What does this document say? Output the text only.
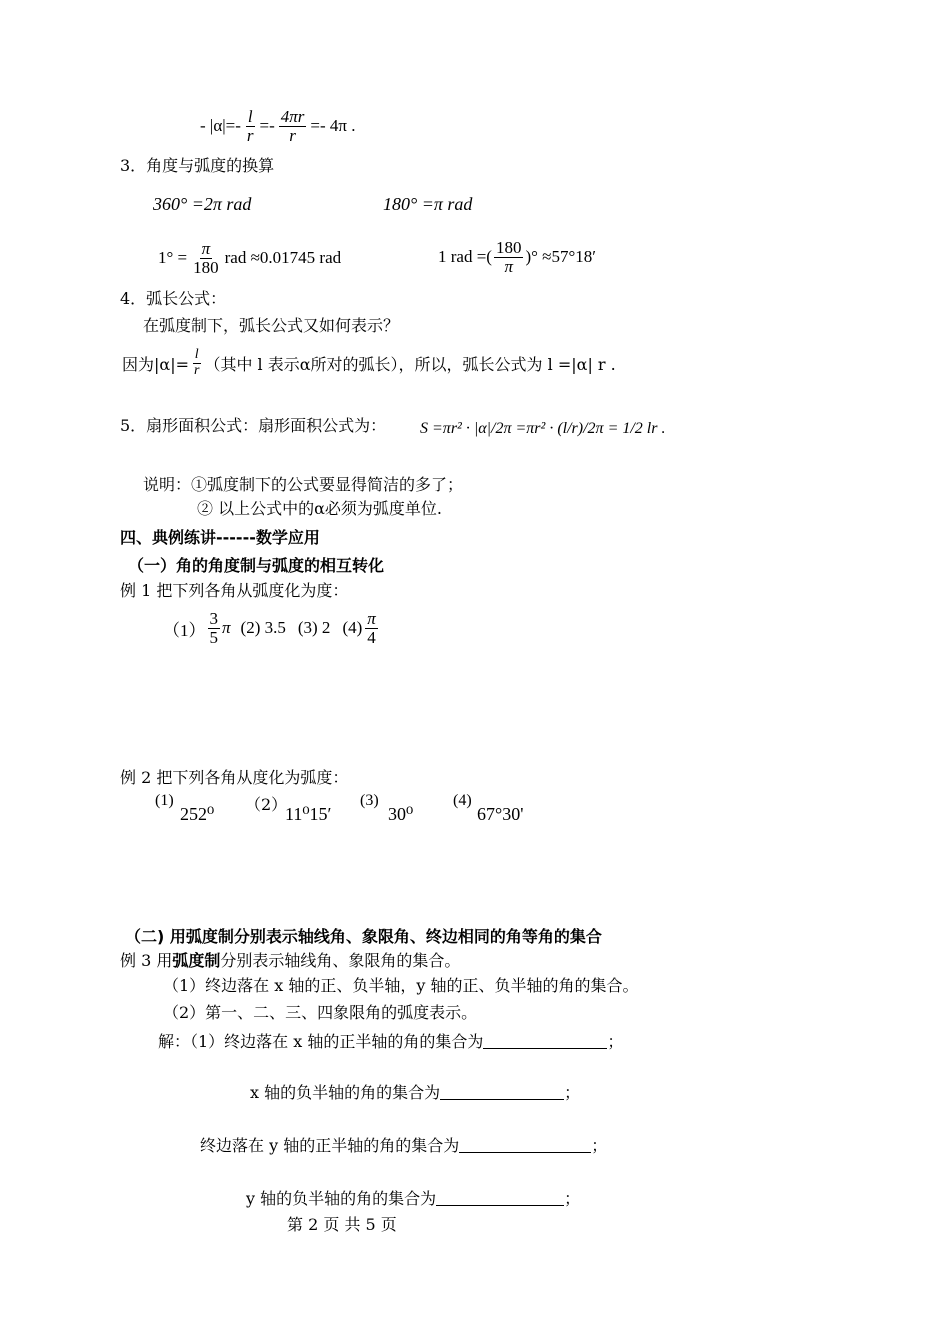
- $|\alpha|=- \frac{l}{r} =- \frac{4\pi r}{r} =- 4\pi$ .
3．角度与弧度的换算
360° =2π rad	180° =π rad
$1^\circ = \frac{\pi}{180}$ rad ≈0.01745 rad	1 rad =( $\frac{180}{\pi}$ )° ≈57°18′
4．弧长公式：
在弧度制下，弧长公式又如何表示？
因为$|\alpha|= \frac{l}{r}$ （其中 l 表示α所对的弧长），所以，弧长公式为 l =|α| r .
5．扇形面积公式：扇形面积公式为： S =πr² · |α|/2π =πr² · (l/r)/2π = 1/2 lr .
说明：①弧度制下的公式要显得简洁的多了；
② 以上公式中的α必须为弧度单位.
四、典例练讲------数学应用
（一）角的角度制与弧度的相互转化
例 1 把下列各角从弧度化为度：
$(1) \frac{3}{5}$ π (2) 3.5 (3) 2 $(4) \frac{\pi}{4}$
例 2 把下列各角从度化为弧度：
(1)
252⁰ （2）
11⁰15′
(3)
30⁰
(4)
67°30'
（二) 用弧度制分别表示轴线角、象限角、终边相同的角等角的集合
例 3 用弧度制分别表示轴线角、象限角的集合。
（1）终边落在 x 轴的正、负半轴，y 轴的正、负半轴的角的集合。
（2）第一、二、三、四象限角的弧度表示。
解：（1）终边落在 x 轴的正半轴的角的集合为	；
x 轴的负半轴的角的集合为	；
终边落在 y 轴的正半轴的角的集合为	；
y 轴的负半轴的角的集合为	；
第 2 页 共 5 页
